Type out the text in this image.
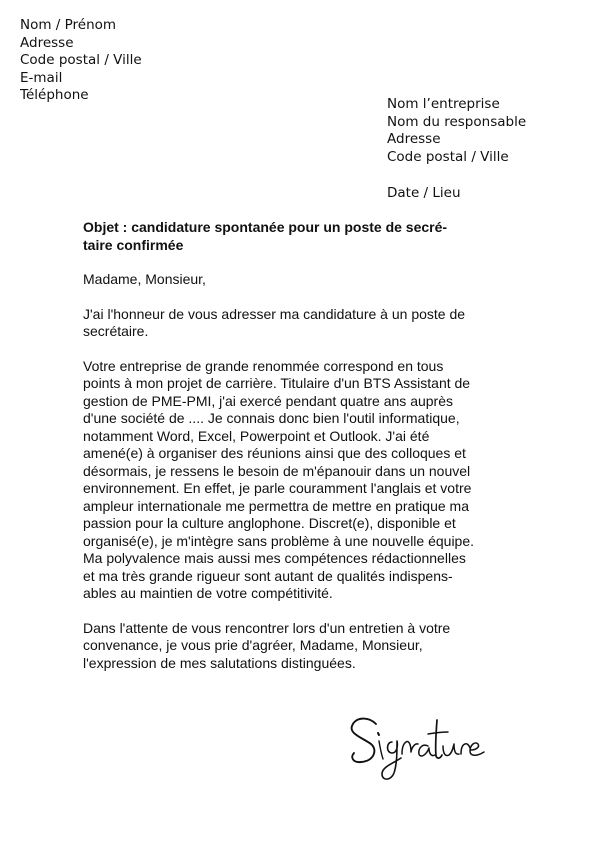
Nom / Prénom
Adresse
Code postal / Ville
E-mail
Téléphone
Nom l’entreprise
Nom du responsable
Adresse
Code postal / Ville
Date / Lieu
Objet : candidature spontanée pour un poste de secré-
taire confirmée
Madame, Monsieur,
J'ai l'honneur de vous adresser ma candidature à un poste de
secrétaire.
Votre entreprise de grande renommée correspond en tous
points à mon projet de carrière. Titulaire d'un BTS Assistant de
gestion de PME-PMI, j'ai exercé pendant quatre ans auprès
d'une société de .... Je connais donc bien l'outil informatique,
notamment Word, Excel, Powerpoint et Outlook. J'ai été
amené(e) à organiser des réunions ainsi que des colloques et
désormais, je ressens le besoin de m'épanouir dans un nouvel
environnement. En effet, je parle couramment l'anglais et votre
ampleur internationale me permettra de mettre en pratique ma
passion pour la culture anglophone. Discret(e), disponible et
organisé(e), je m'intègre sans problème à une nouvelle équipe.
Ma polyvalence mais aussi mes compétences rédactionnelles
et ma très grande rigueur sont autant de qualités indispens-
ables au maintien de votre compétitivité.
Dans l'attente de vous rencontrer lors d'un entretien à votre
convenance, je vous prie d'agréer, Madame, Monsieur,
l'expression de mes salutations distinguées.
